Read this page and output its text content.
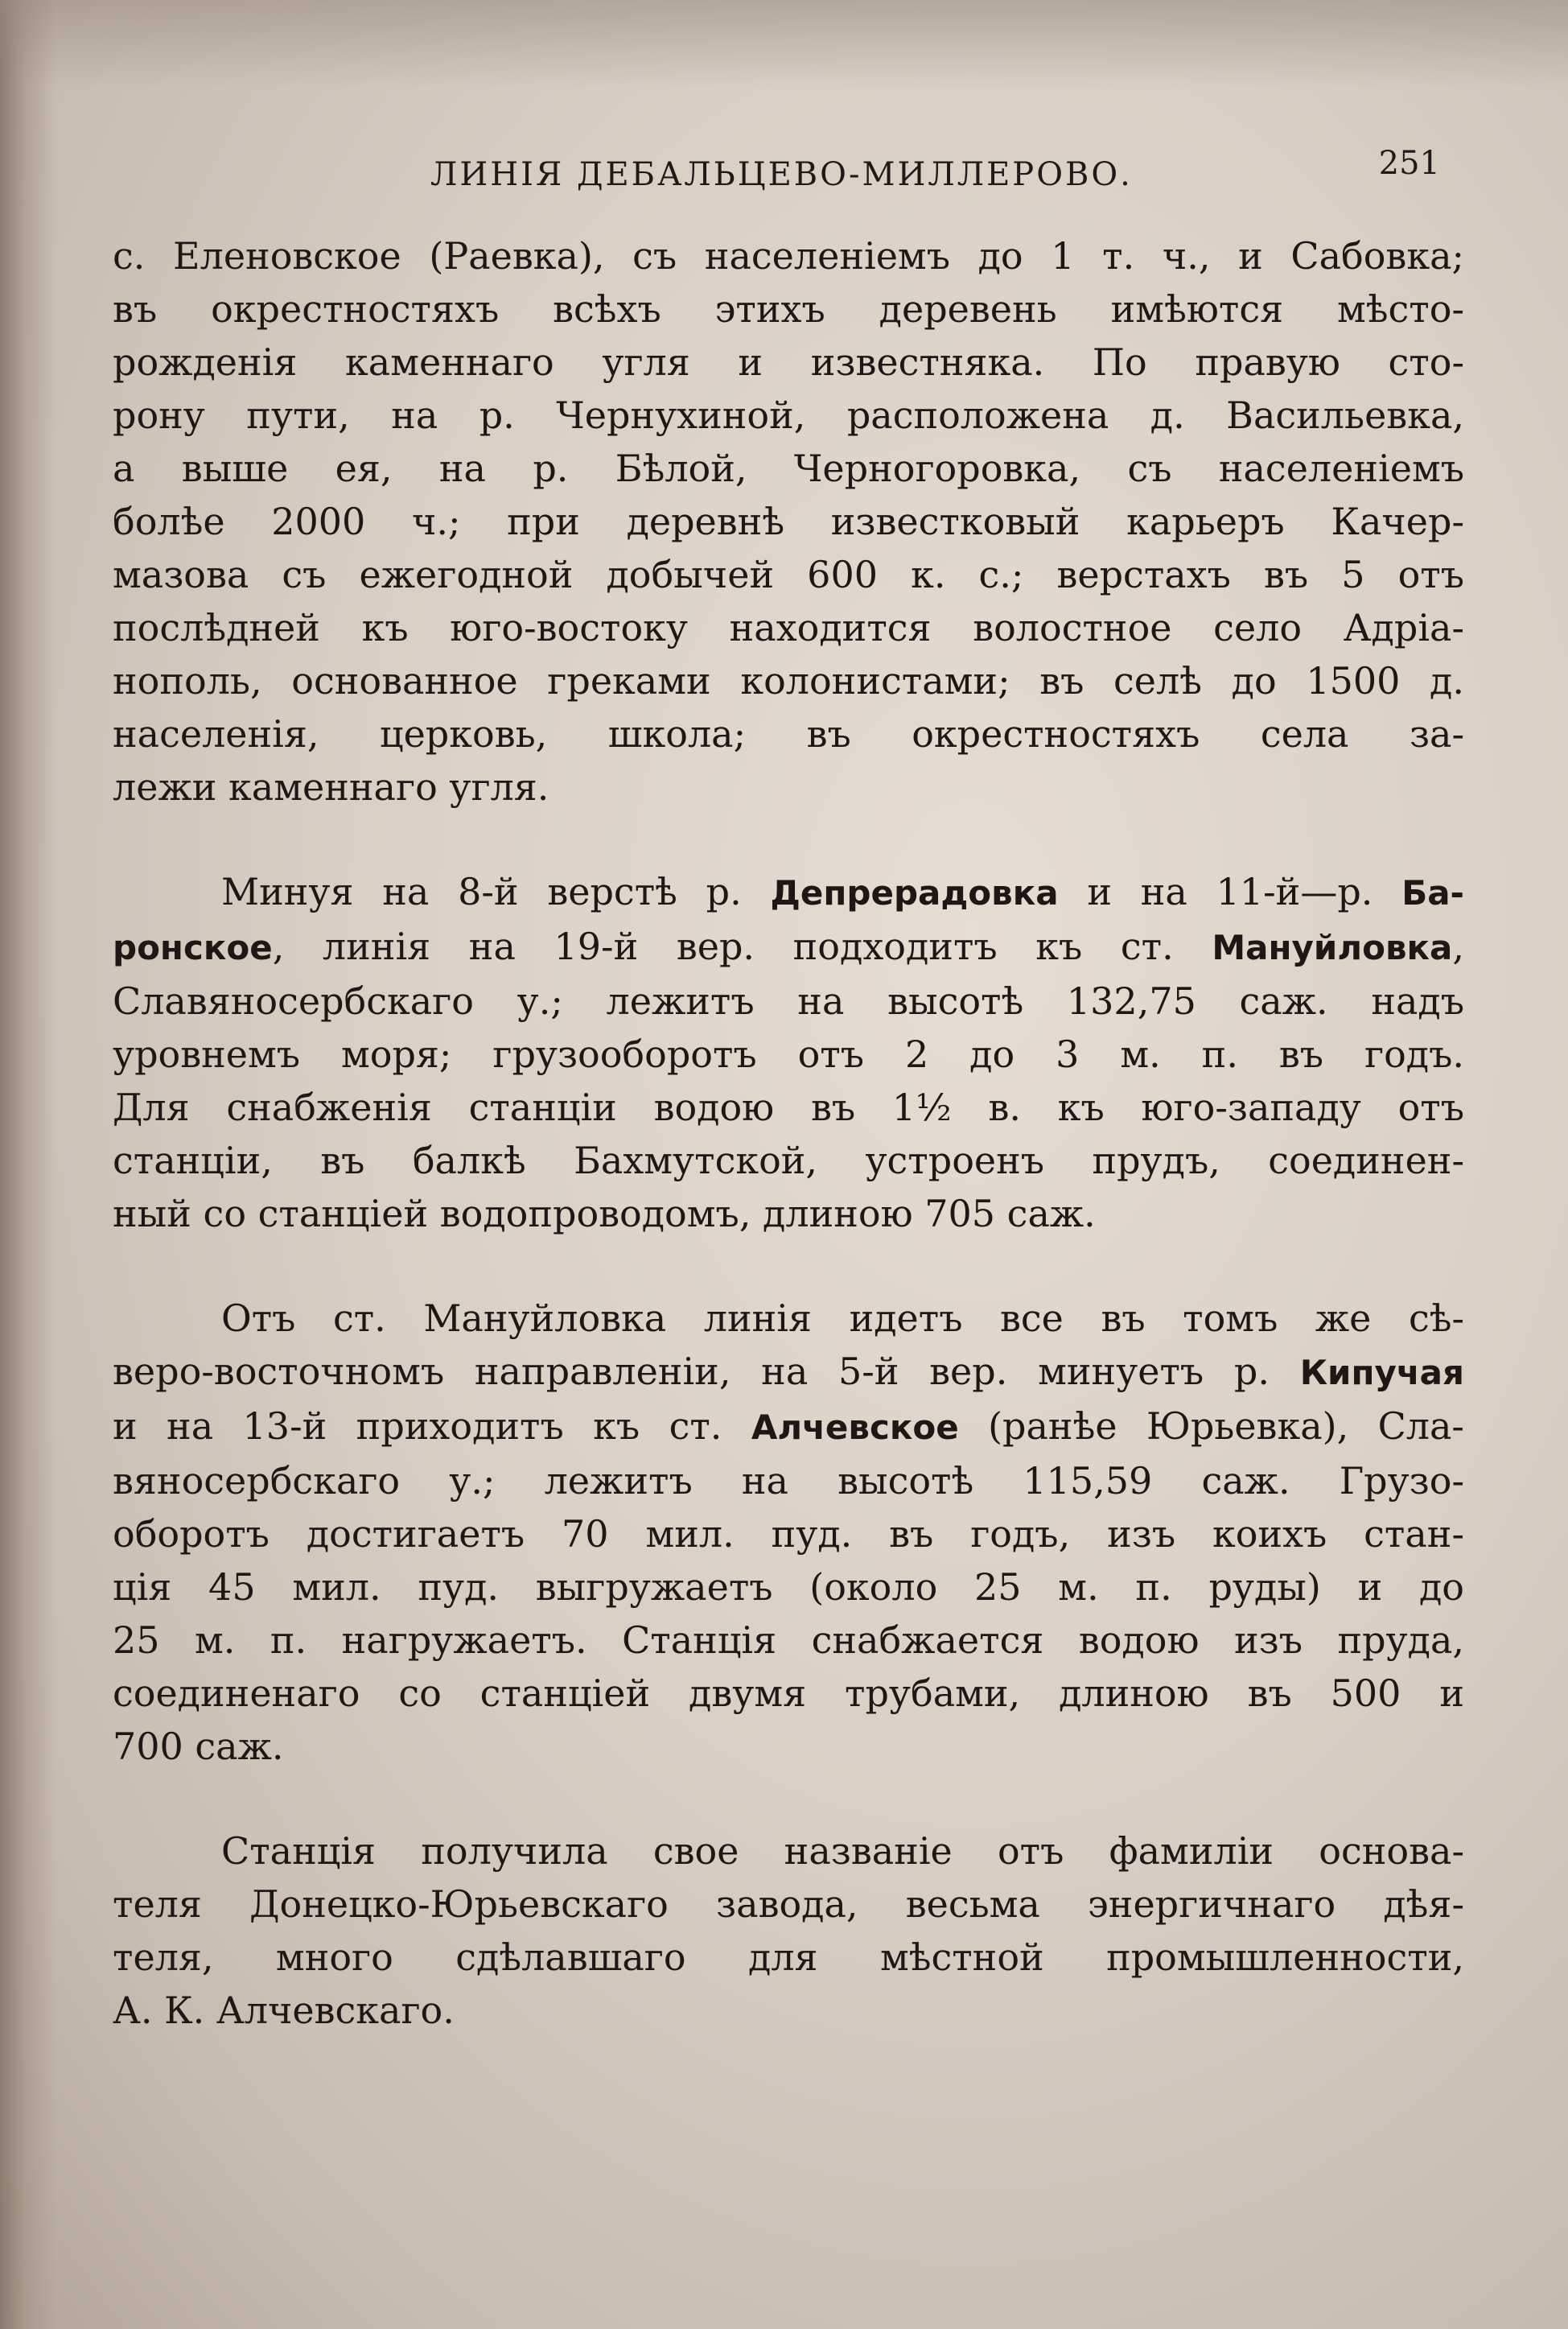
ЛИНІЯ ДЕБАЛЬЦЕВО-МИЛЛЕРОВО.	251

с. Еленовское (Раевка), съ населеніемъ до 1 т. ч., и Сабовка;
въ окрестностяхъ всѣхъ этихъ деревень имѣются мѣсто-
рожденія каменнаго угля и известняка. По правую сто-
рону пути, на р. Чернухиной, расположена д. Васильевка,
а выше ея, на р. Бѣлой, Черногоровка, съ населеніемъ
болѣе 2000 ч.; при деревнѣ известковый карьеръ Качер-
мазова съ ежегодной добычей 600 к. с.; верстахъ въ 5 отъ
послѣдней къ юго-востоку находится волостное село Адріа-
нополь, основанное греками колонистами; въ селѣ до 1500 д.
населенія, церковь, школа; въ окрестностяхъ села за-
лежи каменнаго угля.

Минуя на 8-й верстѣ р. Депрерадовка и на 11-й—р. Ба-
ронское, линія на 19-й вер. подходитъ къ ст. Мануйловка,
Славяносербскаго у.; лежитъ на высотѣ 132,75 саж. надъ
уровнемъ моря; грузооборотъ отъ 2 до 3 м. п. въ годъ.
Для снабженія станціи водою въ 1½ в. къ юго-западу отъ
станціи, въ балкѣ Бахмутской, устроенъ прудъ, соединен-
ный со станціей водопроводомъ, длиною 705 саж.

Отъ ст. Мануйловка линія идетъ все въ томъ же сѣ-
веро-восточномъ направленіи, на 5-й вер. минуетъ р. Кипучая
и на 13-й приходитъ къ ст. Алчевское (ранѣе Юрьевка), Сла-
вяносербскаго у.; лежитъ на высотѣ 115,59 саж. Грузо-
оборотъ достигаетъ 70 мил. пуд. въ годъ, изъ коихъ стан-
ція 45 мил. пуд. выгружаетъ (около 25 м. п. руды) и до
25 м. п. нагружаетъ. Станція снабжается водою изъ пруда,
соединенаго со станціей двумя трубами, длиною въ 500 и
700 саж.

Станція получила свое названіе отъ фамиліи основа-
теля Донецко-Юрьевскаго завода, весьма энергичнаго дѣя-
теля, много сдѣлавшаго для мѣстной промышленности,
А. К. Алчевскаго.
